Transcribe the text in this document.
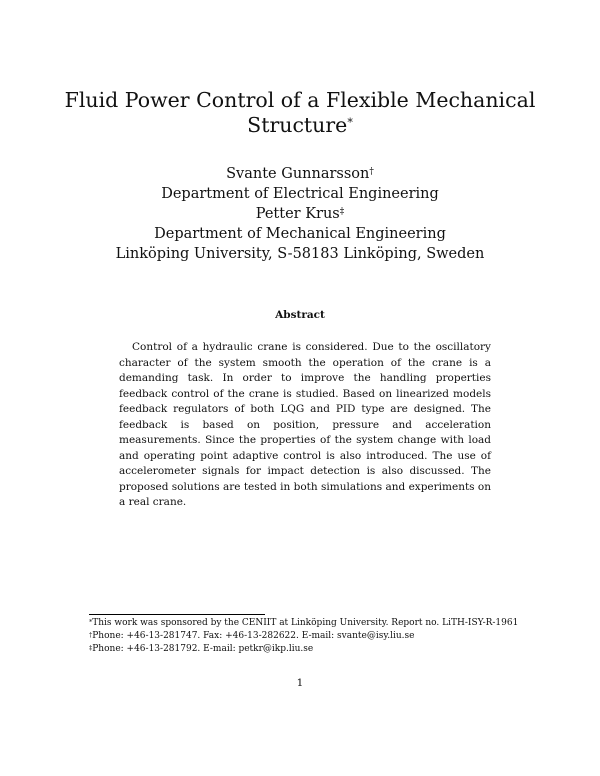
Fluid Power Control of a Flexible Mechanical
Structure*
Svante Gunnarsson†
Department of Electrical Engineering
Petter Krus‡
Department of Mechanical Engineering
Linköping University, S-58183 Linköping, Sweden
Abstract

Control of a hydraulic crane is considered. Due to the oscillatory character of the system smooth the operation of the crane is a demanding task. In order to improve the handling properties feedback control of the crane is studied. Based on linearized models feedback regulators of both LQG and PID type are designed. The feedback is based on position, pressure and acceleration measurements. Since the properties of the system change with load and operating point adaptive control is also introduced. The use of accelerometer signals for impact detection is also discussed. The proposed solutions are tested in both simulations and experiments on a real crane.

*This work was sponsored by the CENIIT at Linköping University. Report no. LiTH-ISY-R-1961
†Phone: +46-13-281747. Fax: +46-13-282622. E-mail: svante@isy.liu.se
‡Phone: +46-13-281792. E-mail: petkr@ikp.liu.se
1
